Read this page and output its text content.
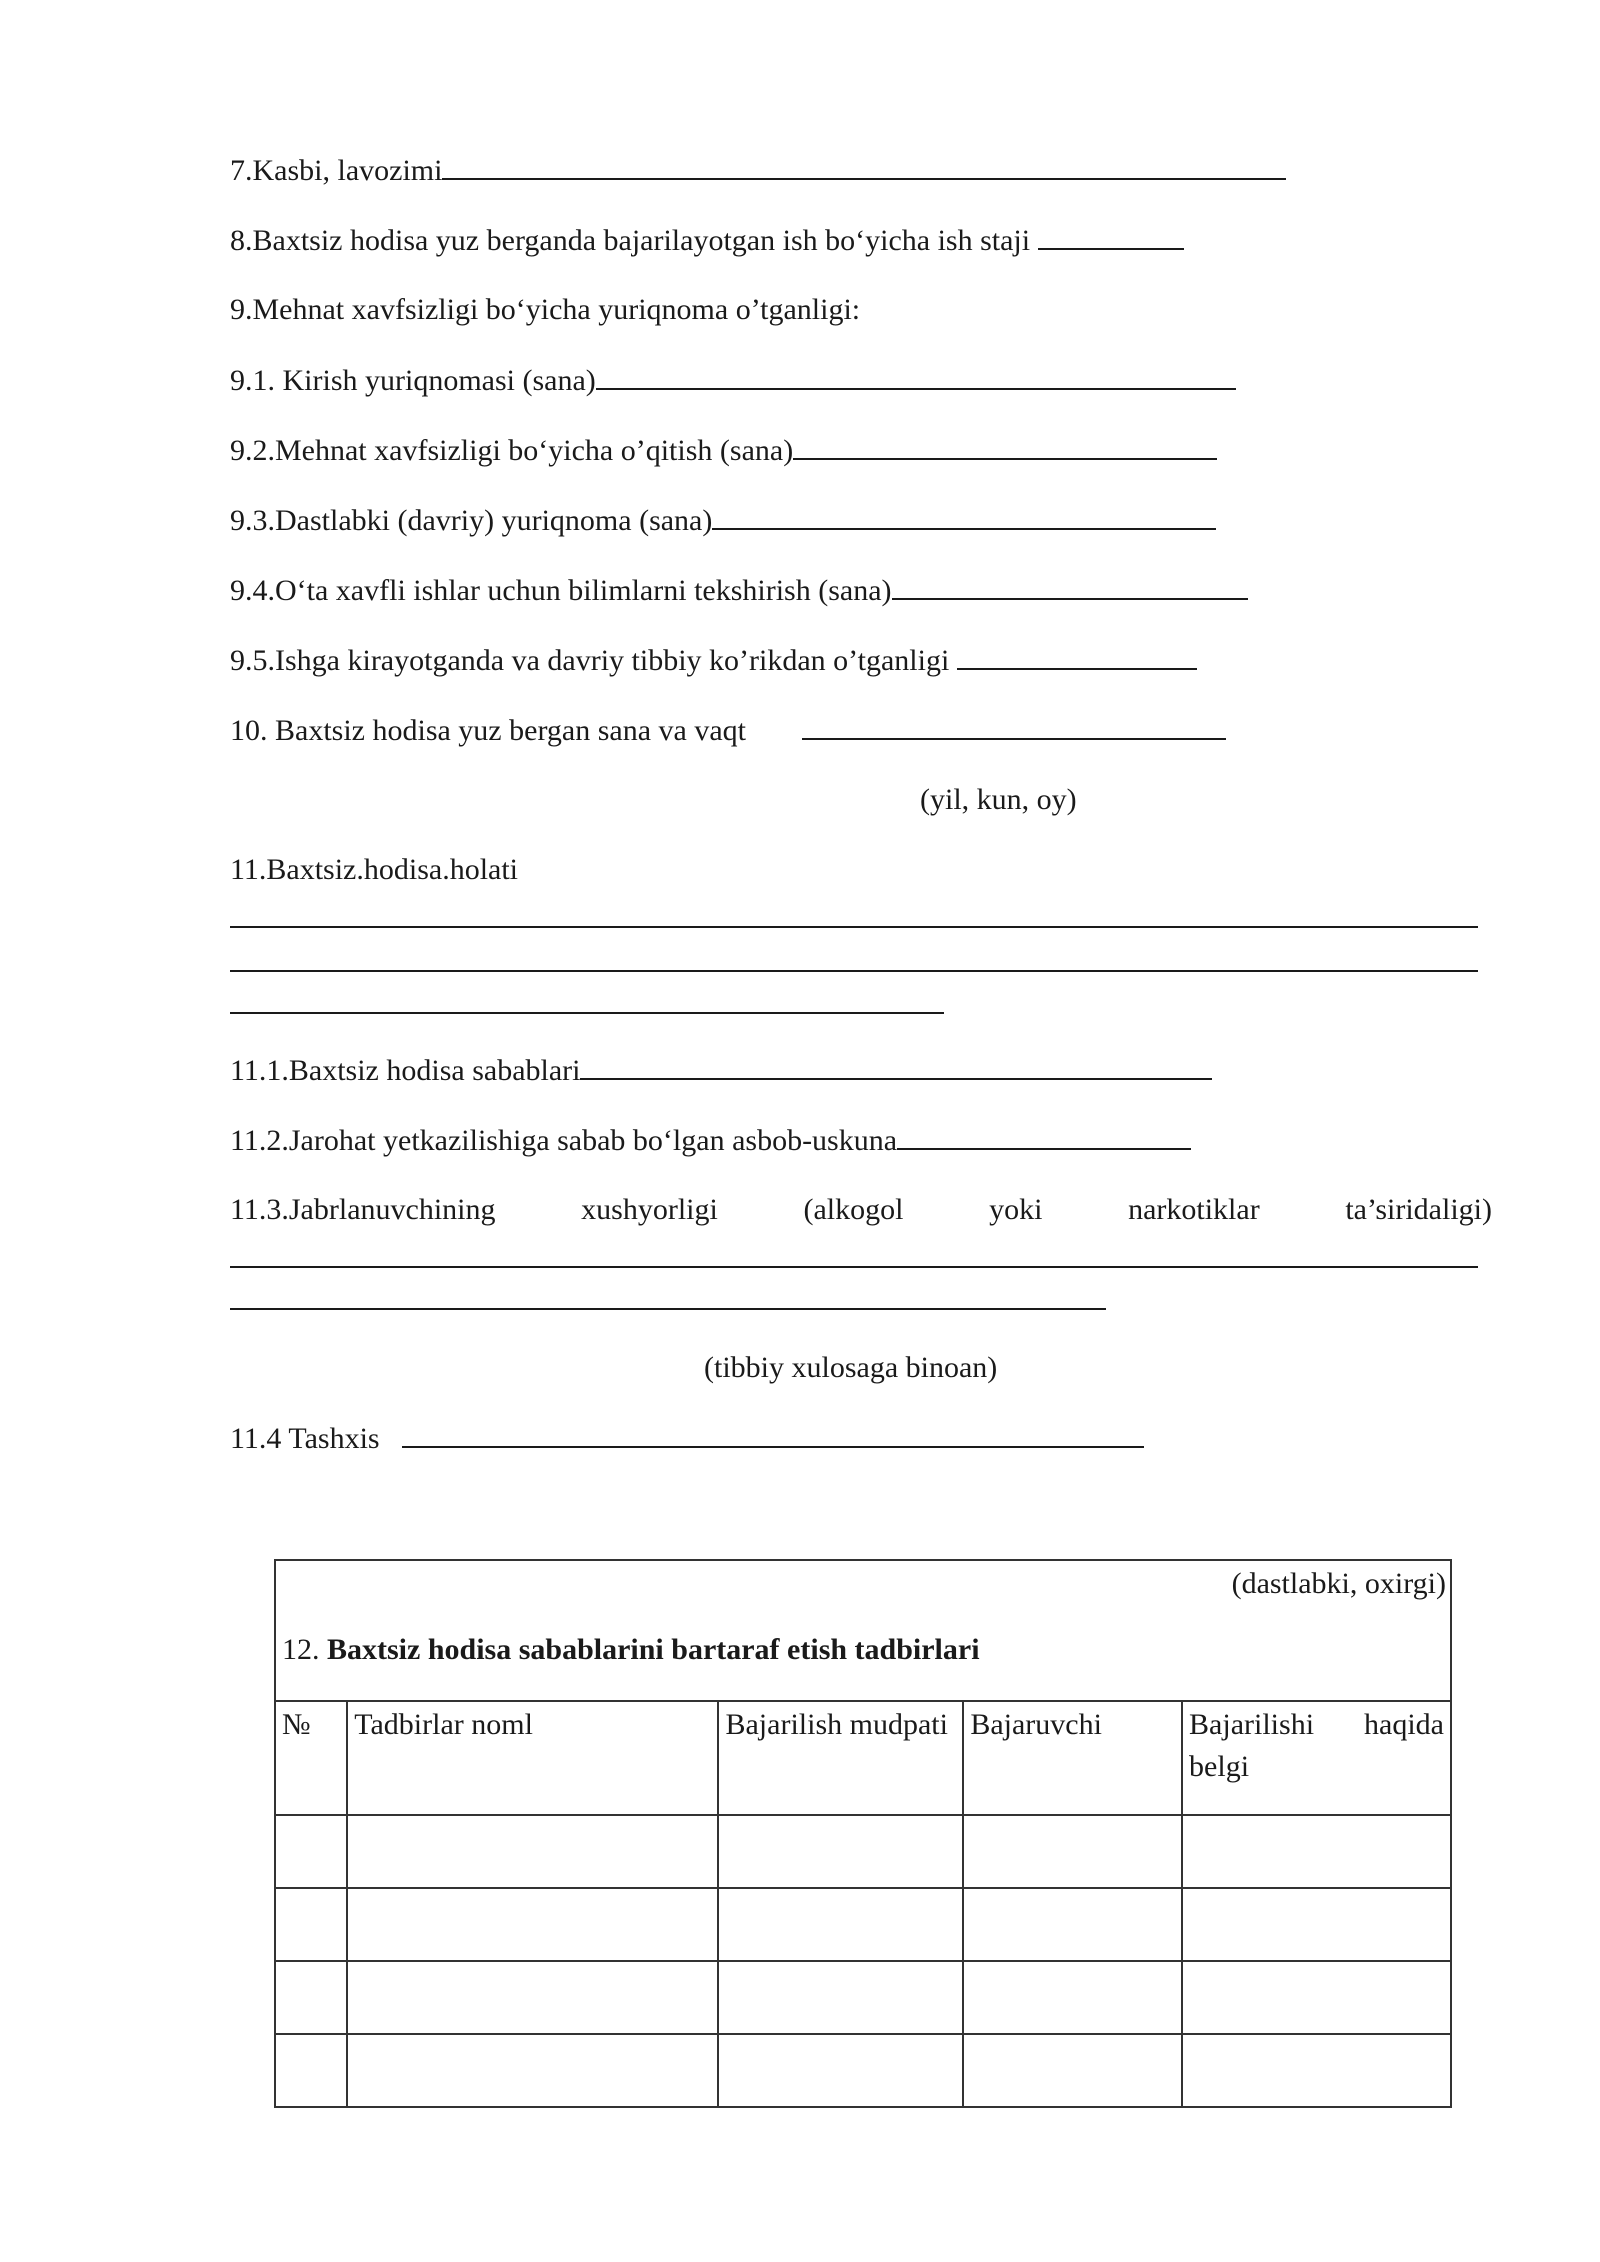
7.Kasbi, lavozimi
8.Baxtsiz hodisa yuz berganda bajarilayotgan ish bo‘yicha ish staji
9.Mehnat xavfsizligi bo‘yicha yuriqnoma o’tganligi:
9.1. Kirish yuriqnomasi (sana)
9.2.Mehnat xavfsizligi bo‘yicha o’qitish (sana)
9.3.Dastlabki (davriy) yuriqnoma (sana)
9.4.O‘ta xavfli ishlar uchun bilimlarni tekshirish (sana)
9.5.Ishga kirayotganda va davriy tibbiy ko’rikdan o’tganligi
10. Baxtsiz hodisa yuz bergan sana va vaqt
(yil, kun, oy)
11.Baxtsiz.hodisa.holati
11.1.Baxtsiz hodisa sabablari
11.2.Jarohat yetkazilishiga sabab bo‘lgan asbob-uskuna
11.3.Jabrlanuvchining	xushyorligi	(alkogol	yoki	narkotiklar	ta’siridaligi)
(tibbiy xulosaga binoan)
11.4 Tashxis
(dastlabki, oxirgi)
12. Baxtsiz hodisa sabablarini bartaraf etish tadbirlari				

№	Tadbirlar noml	Bajarilish mudpati	Bajaruvchi	Bajarilishi haqida
belgi
